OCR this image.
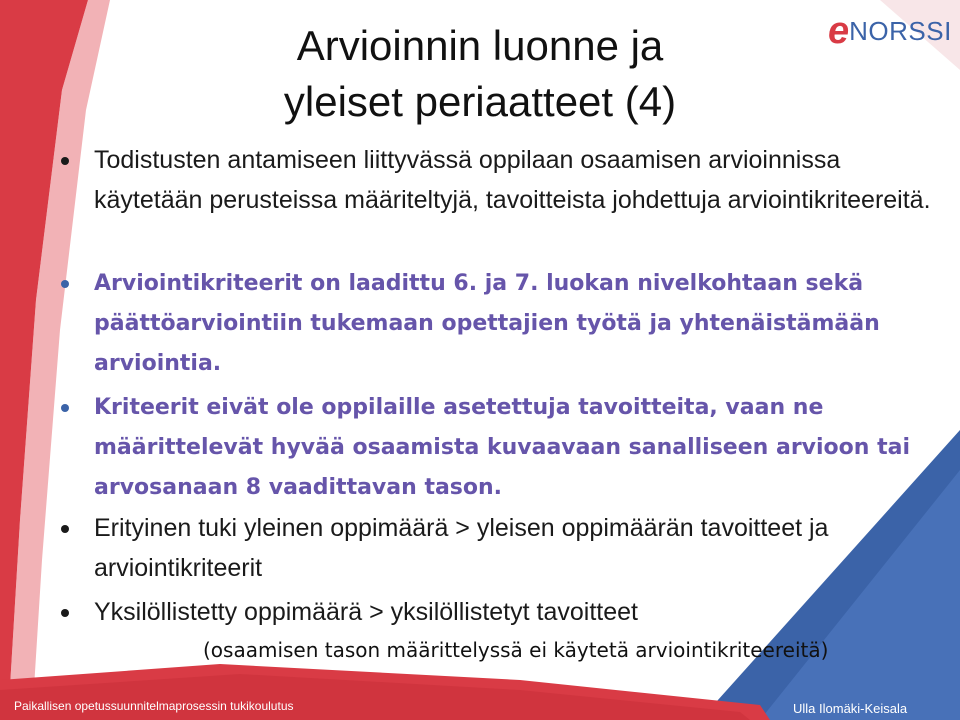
eNORSSI
Arvioinnin luonne ja
yleiset periaatteet (4)

Todistusten antamiseen liittyvässä oppilaan osaamisen arvioinnissa käytetään perusteissa määriteltyjä, tavoitteista johdettuja arviointikriteereitä.

Arviointikriteerit on laadittu 6. ja 7. luokan nivelkohtaan sekä päättöarviointiin tukemaan opettajien työtä ja yhtenäistämään arviointia.

Kriteerit eivät ole oppilaille asetettuja tavoitteita, vaan ne määrittelevät hyvää osaamista kuvaavaan sanalliseen arvioon tai arvosanaan 8 vaadittavan tason.

Erityinen tuki yleinen oppimäärä > yleisen oppimäärän tavoitteet ja arviointikriteerit

Yksilöllistetty oppimäärä > yksilöllistetyt tavoitteet

(osaamisen tason määrittelyssä ei käytetä arviointikriteereitä)
Paikallisen opetussuunnitelmaprosessin tukikoulutus	Ulla Ilomäki-Keisala
